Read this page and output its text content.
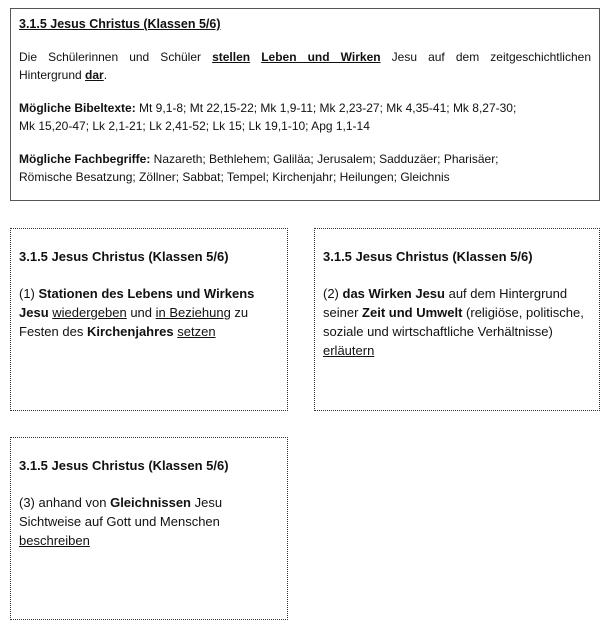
3.1.5 Jesus Christus (Klassen 5/6)

Die Schülerinnen und Schüler stellen Leben und Wirken Jesu auf dem zeitgeschichtlichen

Hintergrund dar.

Mögliche Bibeltexte: Mt 9,1-8; Mt 22,15-22; Mk 1,9-11; Mk 2,23-27; Mk 4,35-41; Mk 8,27-30;

Mk 15,20-47; Lk 2,1-21; Lk 2,41-52; Lk 15; Lk 19,1-10; Apg 1,1-14

Mögliche Fachbegriffe: Nazareth; Bethlehem; Galiläa; Jerusalem; Sadduzäer; Pharisäer;

Römische Besatzung; Zöllner; Sabbat; Tempel; Kirchenjahr; Heilungen; Gleichnis

3.1.5 Jesus Christus (Klassen 5/6)
(1) Stationen des Lebens und Wirkens Jesu wiedergeben und in Beziehung zu Festen des Kirchenjahres setzen
3.1.5 Jesus Christus (Klassen 5/6)
(2) das Wirken Jesu auf dem Hintergrund seiner Zeit und Umwelt (religiöse, politische, soziale und wirtschaftliche Verhältnisse) erläutern
3.1.5 Jesus Christus (Klassen 5/6)
(3) anhand von Gleichnissen Jesu Sichtweise auf Gott und Menschen beschreiben
